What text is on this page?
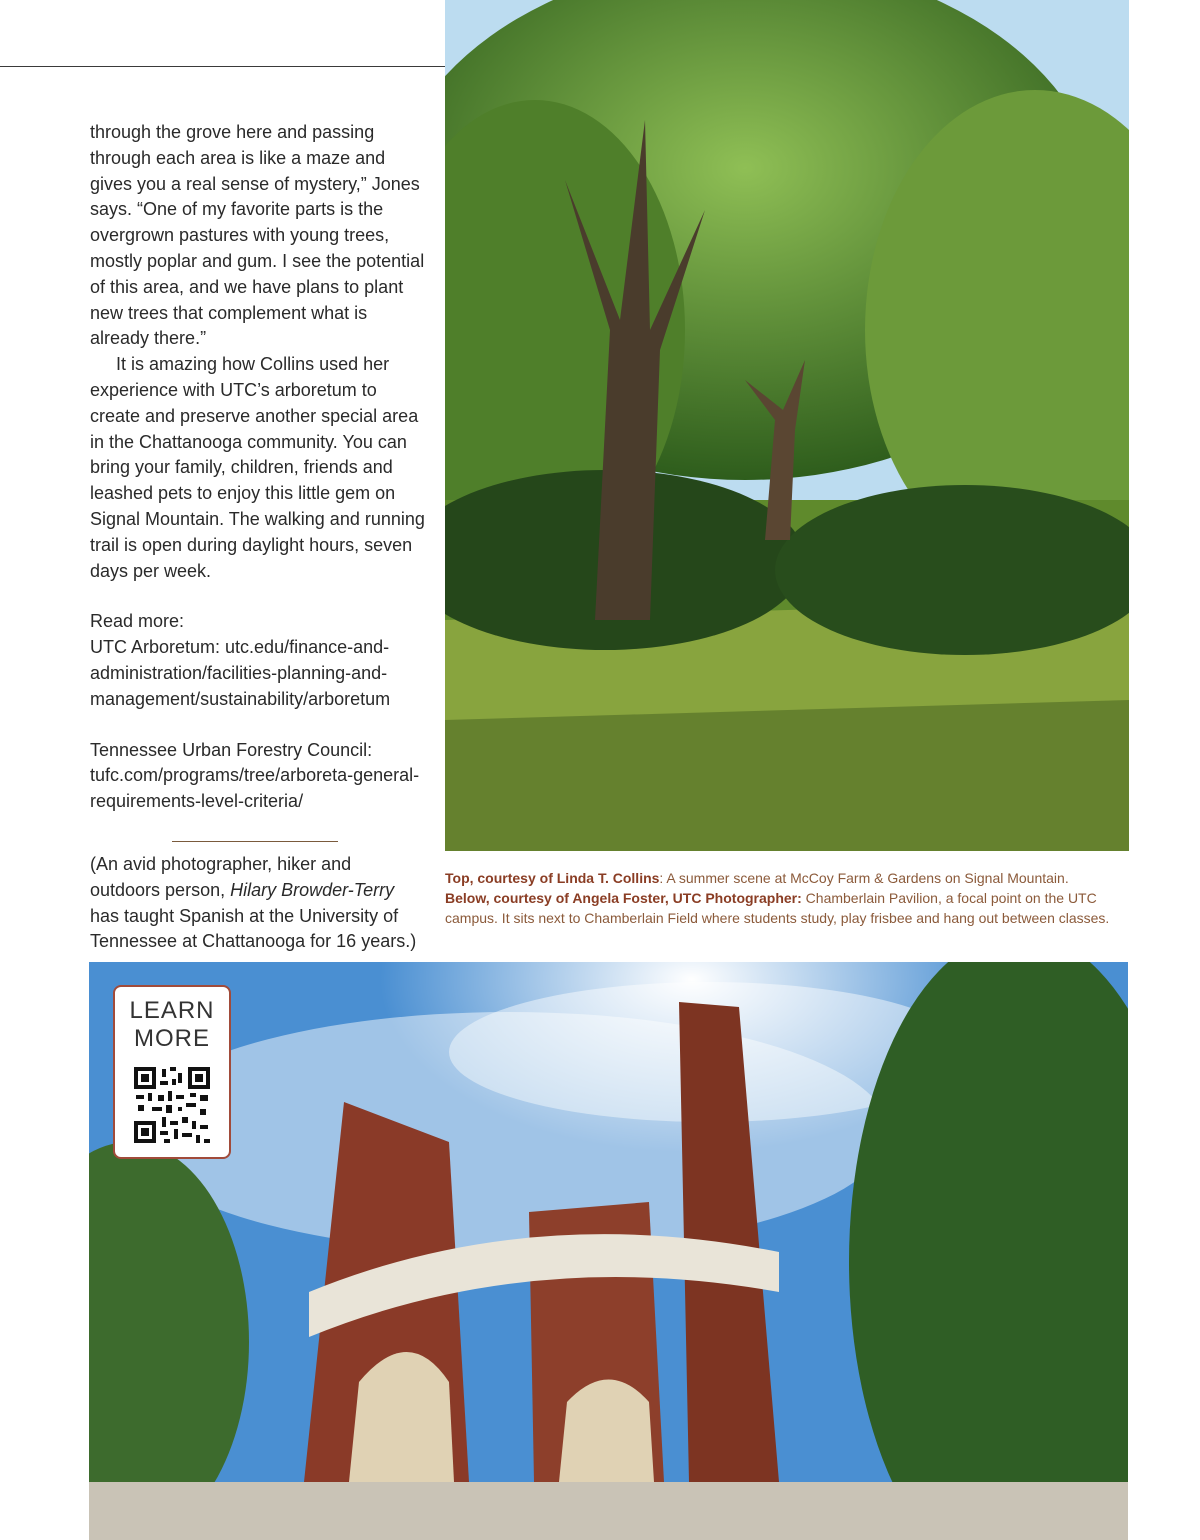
through the grove here and passing through each area is like a maze and gives you a real sense of mystery,” Jones says. “One of my favorite parts is the overgrown pastures with young trees, mostly poplar and gum. I see the potential of this area, and we have plans to plant new trees that complement what is already there.”

It is amazing how Collins used her experience with UTC’s arboretum to create and preserve another special area in the Chattanooga community. You can bring your family, children, friends and leashed pets to enjoy this little gem on Signal Mountain. The walking and running trail is open during daylight hours, seven days per week.

Read more:

UTC Arboretum: utc.edu/finance-and-administration/facilities-planning-and-management/sustainability/arboretum

Tennessee Urban Forestry Council: tufc.com/programs/tree/arboreta-general-requirements-level-criteria/

(An avid photographer, hiker and outdoors person, Hilary Browder-Terry has taught Spanish at the University of Tennessee at Chattanooga for 16 years.)

Top, courtesy of Linda T. Collins: A summer scene at McCoy Farm & Gardens on Signal Mountain.
Below, courtesy of Angela Foster, UTC Photographer: Chamberlain Pavilion, a focal point on the UTC campus. It sits next to Chamberlain Field where students study, play frisbee and hang out between classes.
LEARN
MORE
